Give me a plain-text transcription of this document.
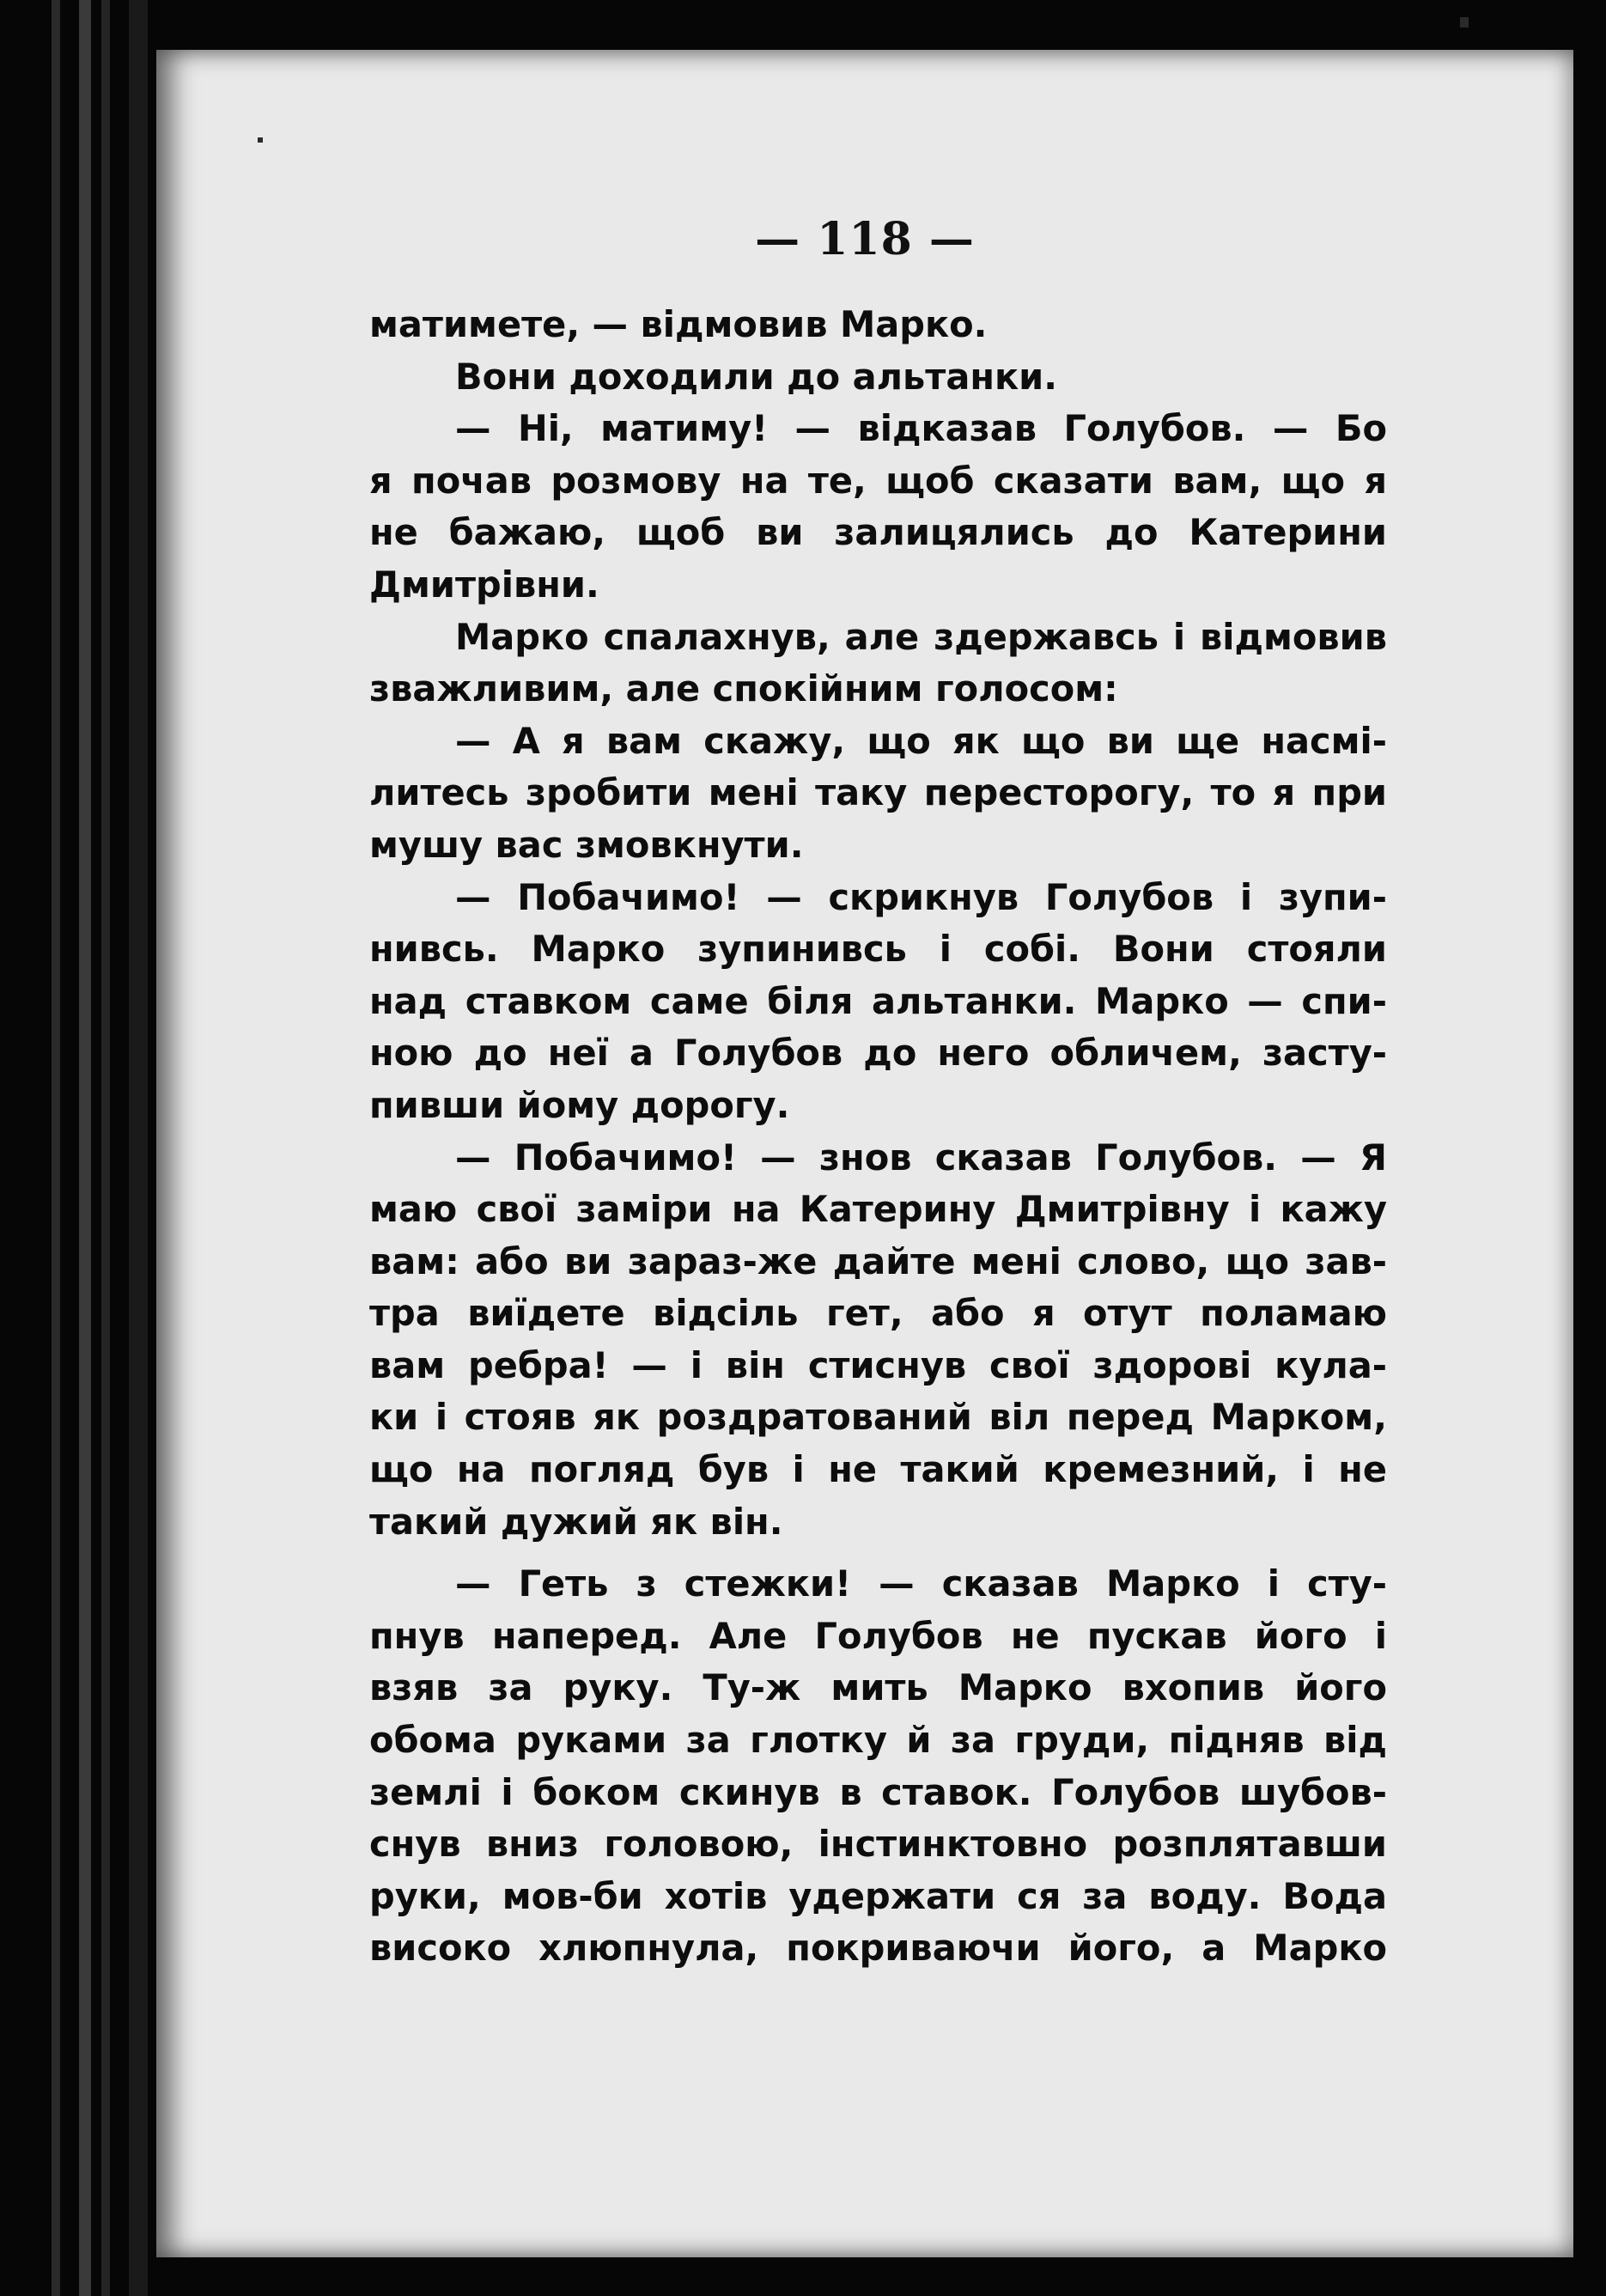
— 118 —
матимете, — відмовив Марко.
Вони доходили до альтанки.
— Ні, матиму! — відказав Голубов. — Бо
я почав розмову на те, щоб сказати вам, що я
не бажаю, щоб ви залицялись до Катерини
Дмитрівни.
Марко спалахнув, але здержавсь і відмовив
зважливим, але спокійним голосом:
— А я вам скажу, що як що ви ще насмі-
литесь зробити мені таку пересторогу, то я при
мушу вас змовкнути.
— Побачимо! — скрикнув Голубов і зупи-
нивсь. Марко зупинивсь і собі. Вони стояли
над ставком саме біля альтанки. Марко — спи-
ною до неї а Голубов до него обличем, засту-
пивши йому дорогу.
— Побачимо! — знов сказав Голубов. — Я
маю свої заміри на Катерину Дмитрівну і кажу
вам: або ви зараз-же дайте мені слово, що зав-
тра виїдете відсіль гет, або я отут поламаю
вам ребра! — і він стиснув свої здорові кула-
ки і стояв як роздратований віл перед Марком,
що на погляд був і не такий кремезний, і не
такий дужий як він.
— Геть з стежки! — сказав Марко і сту-
пнув наперед. Але Голубов не пускав його і
взяв за руку. Ту-ж мить Марко вхопив його
обома руками за глотку й за груди, підняв від
землі і боком скинув в ставок. Голубов шубов-
снув вниз головою, інстинктовно розплятавши
руки, мов-би хотів удержати ся за воду. Вода
високо хлюпнула, покриваючи його, а Марко
